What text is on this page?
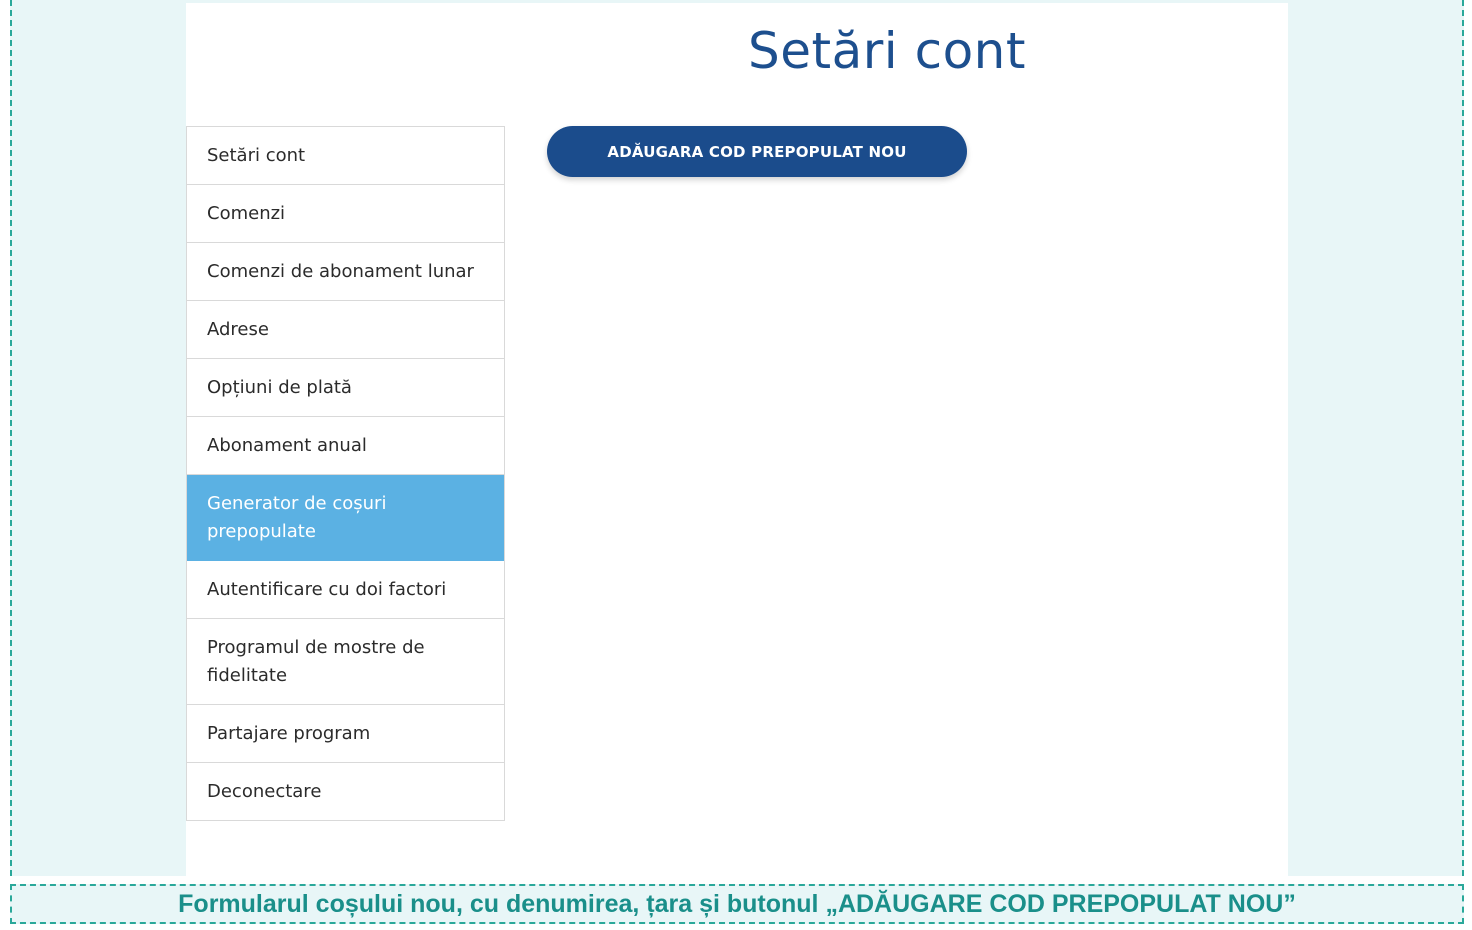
Setări cont
Setări cont
Comenzi
Comenzi de abonament lunar
Adrese
Opțiuni de plată
Abonament anual
Generator de coșuri prepopulate
Autentificare cu doi factori
Programul de mostre de fidelitate
Partajare program
Deconectare
ADĂUGARA COD PREPOPULAT NOU
Formularul coșului nou, cu denumirea, țara și butonul „ADĂUGARE COD PREPOPULAT NOU”
